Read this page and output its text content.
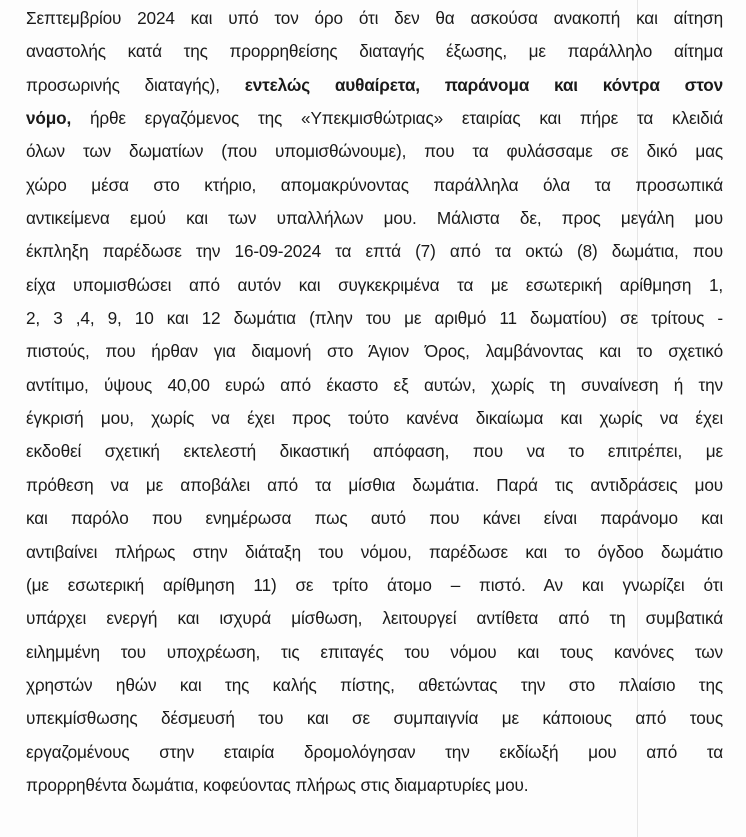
Σεπτεμβρίου 2024 και υπό τον όρο ότι δεν θα ασκούσα ανακοπή και αίτηση
αναστολής κατά της προρρηθείσης διαταγής έξωσης, με παράλληλο αίτημα
προσωρινής διαταγής), εντελώς αυθαίρετα, παράνομα και κόντρα στον
νόμο, ήρθε εργαζόμενος της «Υπεκμισθώτριας» εταιρίας και πήρε τα κλειδιά
όλων των δωματίων (που υπομισθώνουμε), που τα φυλάσσαμε σε δικό μας
χώρο μέσα στο κτήριο, απομακρύνοντας παράλληλα όλα τα προσωπικά
αντικείμενα εμού και των υπαλλήλων μου. Μάλιστα δε, προς μεγάλη μου
έκπληξη παρέδωσε την 16-09-2024 τα επτά (7) από τα οκτώ (8) δωμάτια, που
είχα υπομισθώσει από αυτόν και συγκεκριμένα τα με εσωτερική αρίθμηση 1,
2, 3 ,4, 9, 10 και 12 δωμάτια (πλην του με αριθμό 11 δωματίου) σε τρίτους -
πιστούς, που ήρθαν για διαμονή στο Άγιον Όρος, λαμβάνοντας και το σχετικό
αντίτιμο, ύψους 40,00 ευρώ από έκαστο εξ αυτών, χωρίς τη συναίνεση ή την
έγκρισή μου, χωρίς να έχει προς τούτο κανένα δικαίωμα και χωρίς να έχει
εκδοθεί σχετική εκτελεστή δικαστική απόφαση, που να το επιτρέπει, με
πρόθεση να με αποβάλει από τα μίσθια δωμάτια. Παρά τις αντιδράσεις μου
και παρόλο που ενημέρωσα πως αυτό που κάνει είναι παράνομο και
αντιβαίνει πλήρως στην διάταξη του νόμου, παρέδωσε και το όγδοο δωμάτιο
(με εσωτερική αρίθμηση 11) σε τρίτο άτομο – πιστό. Αν και γνωρίζει ότι
υπάρχει ενεργή και ισχυρά μίσθωση, λειτουργεί αντίθετα από τη συμβατικά
ειλημμένη του υποχρέωση, τις επιταγές του νόμου και τους κανόνες των
χρηστών ηθών και της καλής πίστης, αθετώντας την στο πλαίσιο της
υπεκμίσθωσης δέσμευσή του και σε συμπαιγνία με κάποιους από τους
εργαζομένους στην εταιρία δρομολόγησαν την εκδίωξή μου από τα
προρρηθέντα δωμάτια, κοφεύοντας πλήρως στις διαμαρτυρίες μου.
